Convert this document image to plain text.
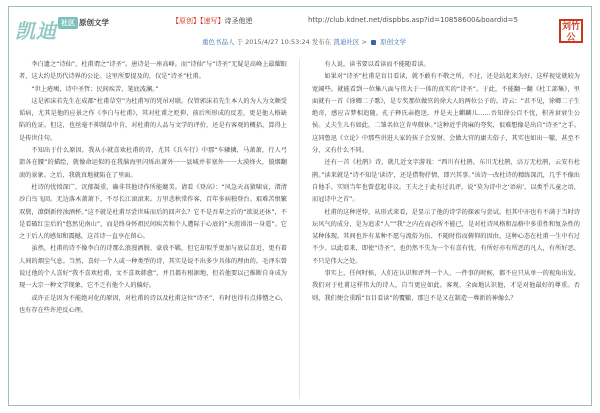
凯迪 社区 原创文学	【原创】【速写】诗圣他逆	http://club.kdnet.net/dispbbs.asp?id=10858600&boardid=5
重色书品人 于 2015/4/27 10:53:24 发布在 凯迪社区 > 原创文学
刘竹
公

李白遗之“诗仙”，杜甫谓之“诗圣”。唐诗是一座高峰。而“诗仙”与“诗圣”无疑是高峰上最耀眼者，这大约是历代诗界的公论。这里所要提及的，仅是“诗圣”杜甫。

“世上疮痍，诗中圣哲；民间疾苦，笔底波澜。”

这是郭沫若先生在成都“杜甫草堂”为杜甫写的凭吊对联。仅管郭沫若先生本人的为人为文颇受诟病，尤其是他的应景之作《李白与杜甫》，其对杜甫之贬抑，前后所形成的反差，更是他人格缺陷的佐证。但这，也丝毫不抑制草中肯，对杜甫的人品与文学的评价，还是有客观的概括，算得上是传世佳句。

不知出于什么原因，我从小就喜欢杜甫的诗，尤其《兵车行》中那“车辚辚，马萧萧，行人弓箭各在腰”的描绘，就像命运似的在我脑海里闪烁出萧外一一县城并非塞外一一大漠烽火，狼烟翻滚的景象。之后，我就真地就陷在了里面。

杜诗的忧愤深广，沉郁凝重，确非其他诗作所能媲美。请看《登高》：“风急天高猿啸哀，渚清沙白鸟飞回。无边落木萧萧下，不尽长江滚滚来。万里悲秋常作客，百年多病独登台。艰难苦恨繁双鬓，潦倒新停浊酒杯。”这不就是杜甫尽尝世味而后的回声么？它不是吾辈之后的“欲说还休”，不是看破红尘后的“悠然见南山”，而是终身怀祖民间疾苦和个人遭际于心底的“天涯涕泪一身遥”。它之于后人的感知和震撼，这首诗一直享在留心。

虽然，杜甫的诗不像李白的诗那么浪漫洒脱、豪放不羁，但它却似乎更加与底层喜近，更有着人间的烟尘气息。当然，喜好一个人或一种类型的诗，其实是说不出多少具体的理由的。毛泽东曾说过他的个人喜好“我不喜欢杜甫，文不喜欢韩愈”，并且都有根据地，但若他要以己推断自身成为现一大宗一种文学现象，它不乏有他个人的偏好。

或许正是因为不能绝对化的原因，对杜甫的诗以及杜甫这位“诗圣”，有时也得有点排憎之心，也有存在些许逆反心理。

有人说，读书要以看读而不能随看读。

如果对“诗圣”杜甫是盲目看读，就不敢有不敬之所。不过，还是站起来为好，这样视觉就较为宽阔些。就能看到一位集八面与伟大于一体的真实的“诗圣”。于此，不能翻一翻《杜工部集》，里面就有一首《徐卿二子歌》，是专奖那位做官的徐大人的两位公子的。诗云：“君不见，徐卿二子生绝奇，感应吉梦相追随。孔子释氏亲抱送，并是天上麒麟儿……吾知徐公百不忧，积善衰衰生公侯。丈夫生儿有如此，二雏名位岂肯卑微休。”这种近乎肉麻的夸奖，很难想像是出自“诗圣”之手。这同鲁迅《立论》中那些讲进人家的孩子会发财、会做大官的庸夫俗子，其实也如出一辙，甚至不分，又有什么不同。

还有一首《杜鹃》诗，就几近文字游戏：“西川有杜鹃，东川无杜鹃，涪万无杜鹃，云安有杜鹃。”读来就是“诗不知是‘读诗’，还是借物抒情，即兴其事。”该诗一改杜诗的精练深沉，几乎不像出自他手。实则当年也曾惹起非议。王夫之于此有过讥评，说“莫为诗中之‘语病’，以类乎儿童之语，而冠诗中之首”。

杜甫的这种逆悖，从形式来看，是显示了他的诗学的探索与尝试。但其中亦也有不满于当时诗坛风气的成分，是为追求“人”“我”之内在而必所不能已，是对杜诗风格和品格中多重性和复杂性的某种体现。其间也许有某种不愿与流俗为伍、不随时俗而俯仰的因由，这种心态在杜甫一生中有过不少。以此看来，即使“诗圣”，也仍然不失为一个有喜有忧、有所好亦有所恶的凡人，有所好恶、不只是伟大之处。

事实上，任何时候，人们在认识和评判一个人、一件事的时候，都不应只从单一的视角出发。我们对于杜甫这样伟大的诗人，自当更应如此。客观、全面地认识他，才是对他最好的尊重。否则，我们便会重蹈“盲目看读”的覆辙，那岂不是又在制造一尊新的神像么？
